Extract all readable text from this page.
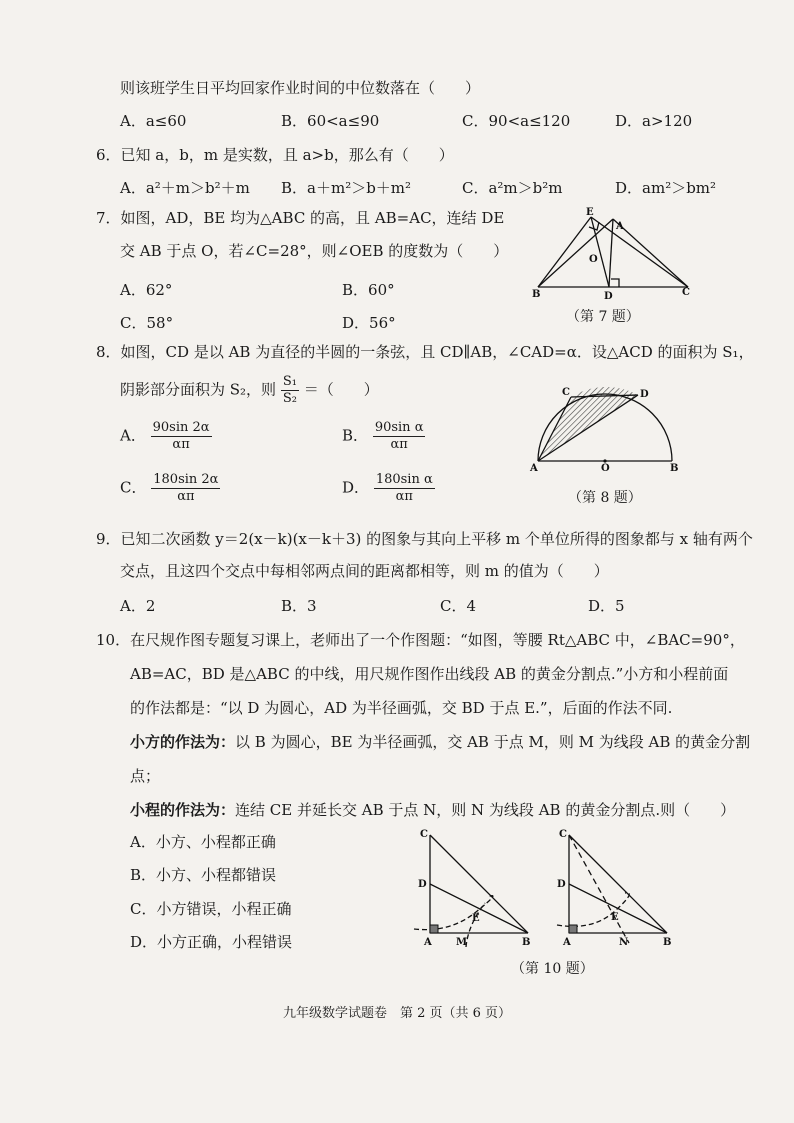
则该班学生日平均回家作业时间的中位数落在（　　）
A．a≤60	B．60<a≤90	C．90<a≤120	D．a>120
6．已知 a，b，m 是实数，且 a>b，那么有（　　）
A．a²＋m＞b²＋m B．a＋m²＞b＋m²	C．a²m＞b²m	D．am²＞bm²
7．如图，AD，BE 均为△ABC 的高，且 AB=AC，连结 DE
交 AB 于点 O，若∠C=28°，则∠OEB 的度数为（　　）
A．62°	B．60°
C．58°	D．56°
E
A
O
B	D	C
（第 7 题）
8．如图，CD 是以 AB 为直径的半圆的一条弦，且 CD∥AB，∠CAD=α．设△ACD 的面积为 S₁，
阴影部分面积为 S₂，则 $\frac{\text{S₁}}{\text{S₂}}$ ＝（　　）
A． $\frac{90\sin 2\alpha}{\alpha\pi}$	B． $\frac{\text{90sin α}}{\alpha\pi}$
C． $\frac{180\sin 2\alpha}{\alpha\pi}$	D． $\frac{\text{180sin α}}{\alpha\pi}$
C	D
A	O	B
（第 8 题）
9．已知二次函数 y＝2(x－k)(x－k＋3) 的图象与其向上平移 m 个单位所得的图象都与 x 轴有两个
交点，且这四个交点中每相邻两点间的距离都相等，则 m 的值为（　　）
A．2	B．3	C．4	D．5
10．在尺规作图专题复习课上，老师出了一个作图题：“如图，等腰 Rt△ABC 中，∠BAC=90°，
AB=AC，BD 是△ABC 的中线，用尺规作图作出线段 AB 的黄金分割点.”小方和小程前面
的作法都是：“以 D 为圆心，AD 为半径画弧，交 BD 于点 E.”，后面的作法不同.
小方的作法为：以 B 为圆心，BE 为半径画弧，交 AB 于点 M，则 M 为线段 AB 的黄金分割
点；
小程的作法为：连结 CE 并延长交 AB 于点 N，则 N 为线段 AB 的黄金分割点.则（　　）
A．小方、小程都正确
B．小方、小程都错误
C．小方错误，小程正确
D．小方正确，小程错误
C
D
E
A M	B
C
D
E
A	N	B
（第 10 题）
九年级数学试题卷　第 2 页（共 6 页）
